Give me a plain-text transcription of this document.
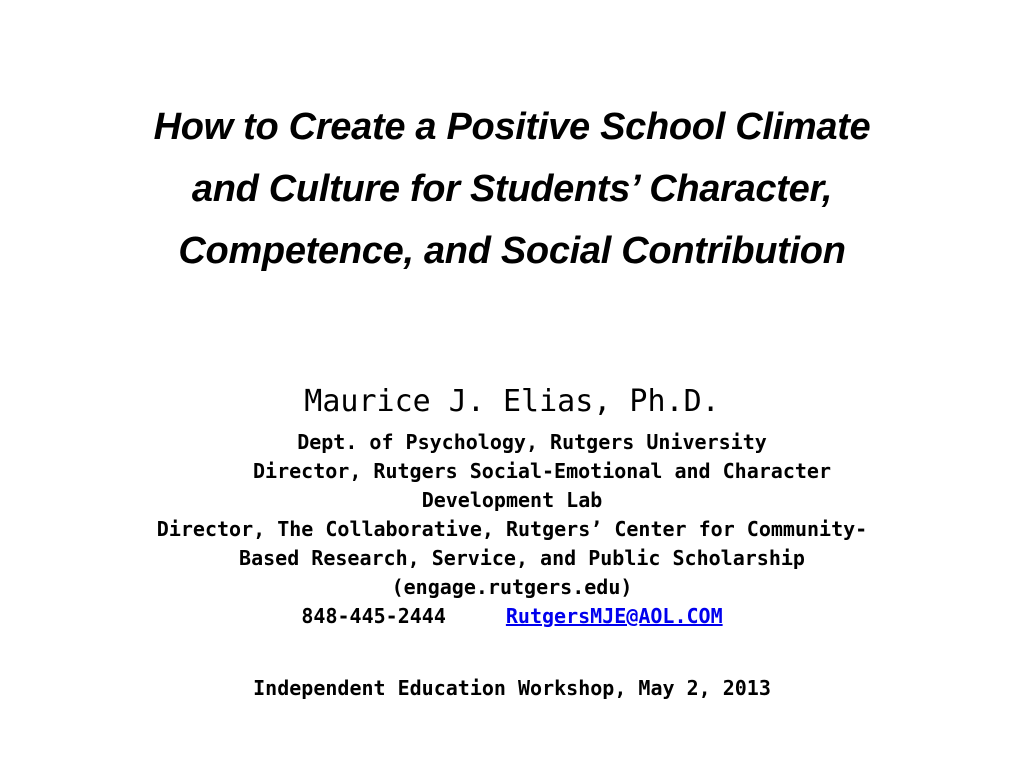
How to Create a Positive School Climate
and Culture for Students’ Character,
Competence, and Social Contribution
Maurice J. Elias, Ph.D.
Dept. of Psychology, Rutgers University
Director, Rutgers Social-Emotional and Character
Development Lab
Director, The Collaborative, Rutgers’ Center for Community-
Based Research, Service, and Public Scholarship
(engage.rutgers.edu)
848-445-2444	RutgersMJE@AOL.COM
Independent Education Workshop, May 2, 2013
